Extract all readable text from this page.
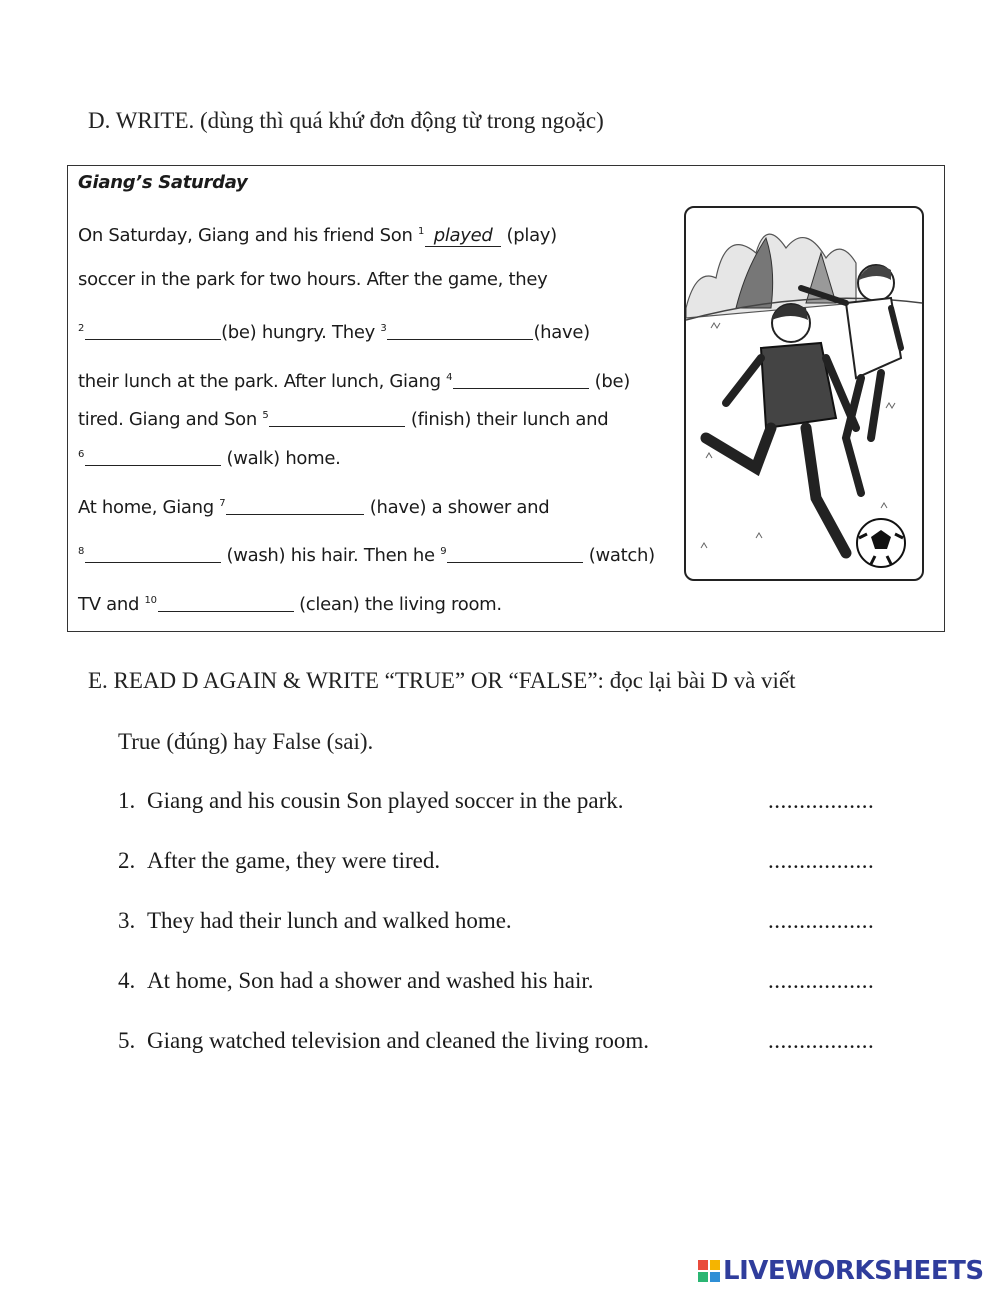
D. WRITE. (dùng thì quá khứ đơn động từ trong ngoặc)
Giang’s Saturday
On Saturday, Giang and his friend Son $^1$ played (play)
soccer in the park for two hours. After the game, they
$^2$	(be) hungry. They $^3$	(have)
their lunch at the park. After lunch, Giang $^4$	(be)
tired. Giang and Son $^5$	(finish) their lunch and
$^6$	(walk) home.
At home, Giang $^7$	(have) a shower and
$^8$	(wash) his hair. Then he $^9$	(watch)
TV and $^{10}$	(clean) the living room.
E. READ D AGAIN & WRITE “TRUE” OR “FALSE”: đọc lại bài D và viết
True (đúng) hay False (sai).
1. Giang and his cousin Son played soccer in the park.	.................
2. After the game, they were tired.	.................
3. They had their lunch and walked home.	.................
4. At home, Son had a shower and washed his hair.	.................
5. Giang watched television and cleaned the living room.	.................
LIVEWORKSHEETS
